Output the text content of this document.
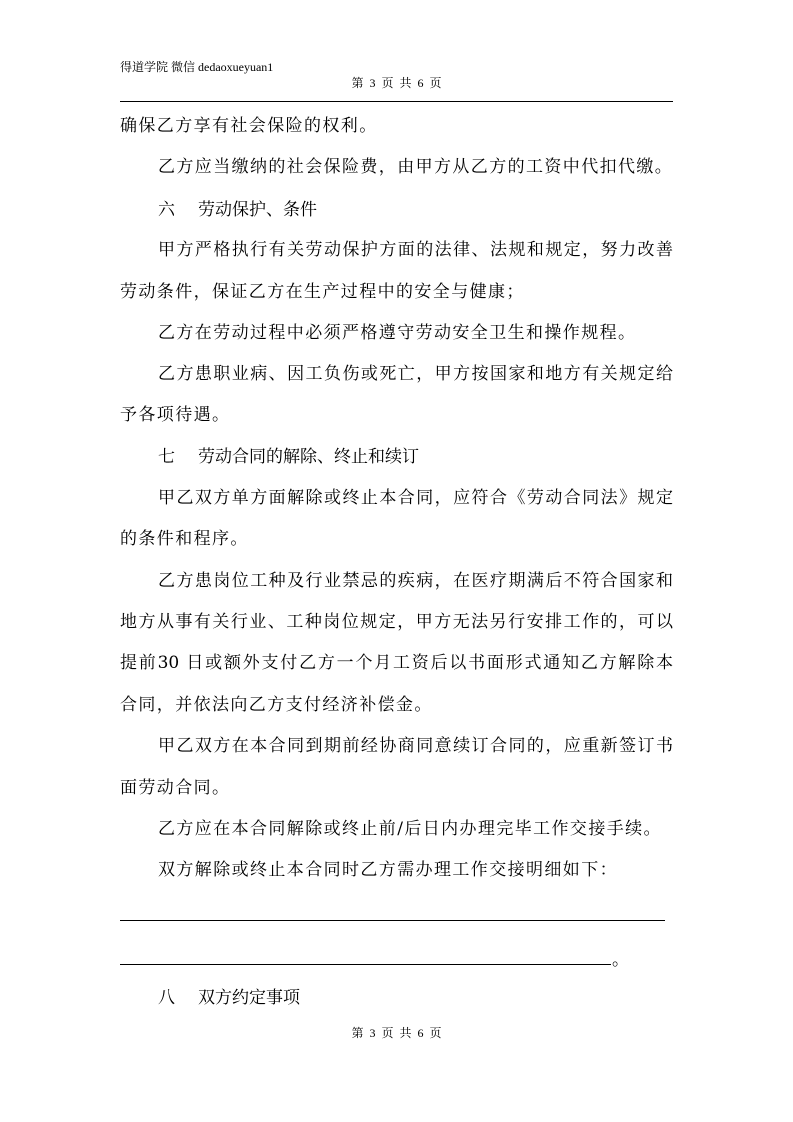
得道学院 微信 dedaoxueyuan1
第 3 页 共 6 页
确保乙方享有社会保险的权利。
乙方应当缴纳的社会保险费，由甲方从乙方的工资中代扣代缴。
六 劳动保护、条件
甲方严格执行有关劳动保护方面的法律、法规和规定，努力改善
劳动条件，保证乙方在生产过程中的安全与健康；
乙方在劳动过程中必须严格遵守劳动安全卫生和操作规程。
乙方患职业病、因工负伤或死亡，甲方按国家和地方有关规定给
予各项待遇。
七 劳动合同的解除、终止和续订
甲乙双方单方面解除或终止本合同，应符合《劳动合同法》规定
的条件和程序。
乙方患岗位工种及行业禁忌的疾病，在医疗期满后不符合国家和
地方从事有关行业、工种岗位规定，甲方无法另行安排工作的，可以
提前30 日或额外支付乙方一个月工资后以书面形式通知乙方解除本
合同，并依法向乙方支付经济补偿金。
甲乙双方在本合同到期前经协商同意续订合同的，应重新签订书
面劳动合同。
乙方应在本合同解除或终止前/后日内办理完毕工作交接手续。
双方解除或终止本合同时乙方需办理工作交接明细如下：
。
八 双方约定事项
第 3 页 共 6 页
